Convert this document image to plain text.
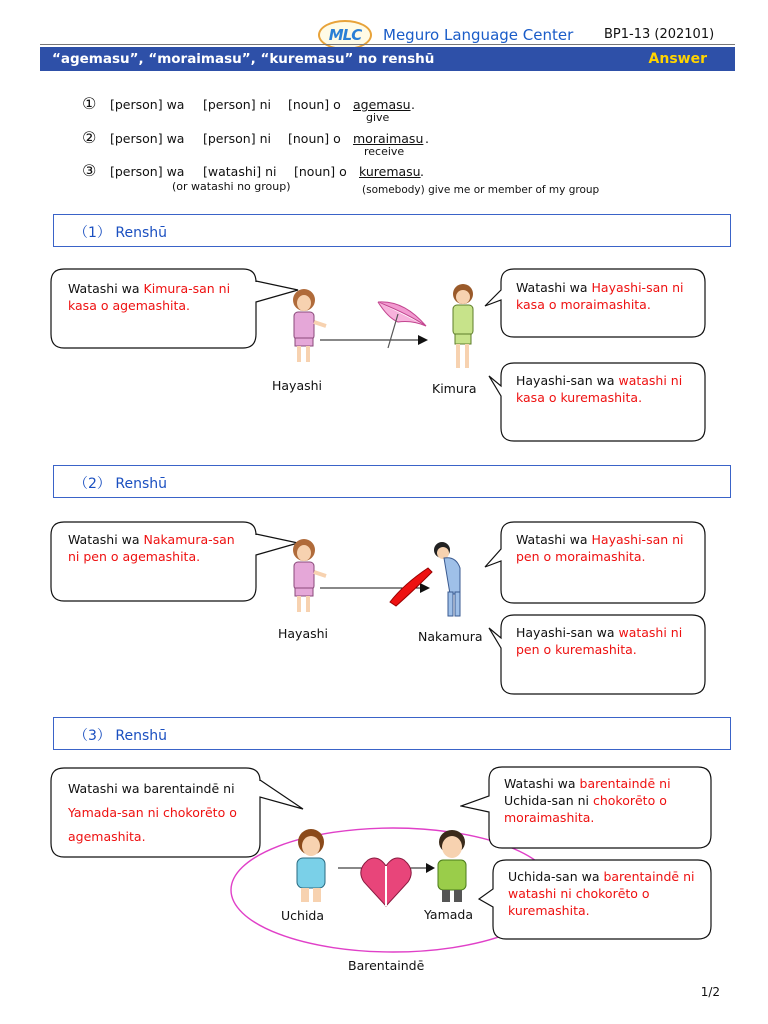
MLC Meguro Language Center BP1-13 (202101)
“agemasu”, “moraimasu”, “kuremasu” no renshū	Answer
① [person] wa [person] ni [noun] o agemasu .
give
② [person] wa [person] ni [noun] o moraimasu .
receive
③ [person] wa [watashi] ni [noun] o kuremasu .
(or watashi no group)	(somebody) give me or member of my group
（1） Renshū
Watashi wa Kimura-san ni kasa o agemashita.
Hayashi	Kimura
Watashi wa Hayashi-san ni kasa o moraimashita.
Hayashi-san wa watashi ni kasa o kuremashita.
（2） Renshū
Watashi wa Nakamura-san ni pen o agemashita.
Hayashi	Nakamura
Watashi wa Hayashi-san ni pen o moraimashita.
Hayashi-san wa watashi ni pen o kuremashita.
（3） Renshū
Watashi wa barentaindē ni Yamada-san ni chokorēto o agemashita.
Uchida	Yamada
Barentaindē
Watashi wa barentaindē ni Uchida-san ni chokorēto o moraimashita.
Uchida-san wa barentaindē ni watashi ni chokorēto o kuremashita.
1/2
